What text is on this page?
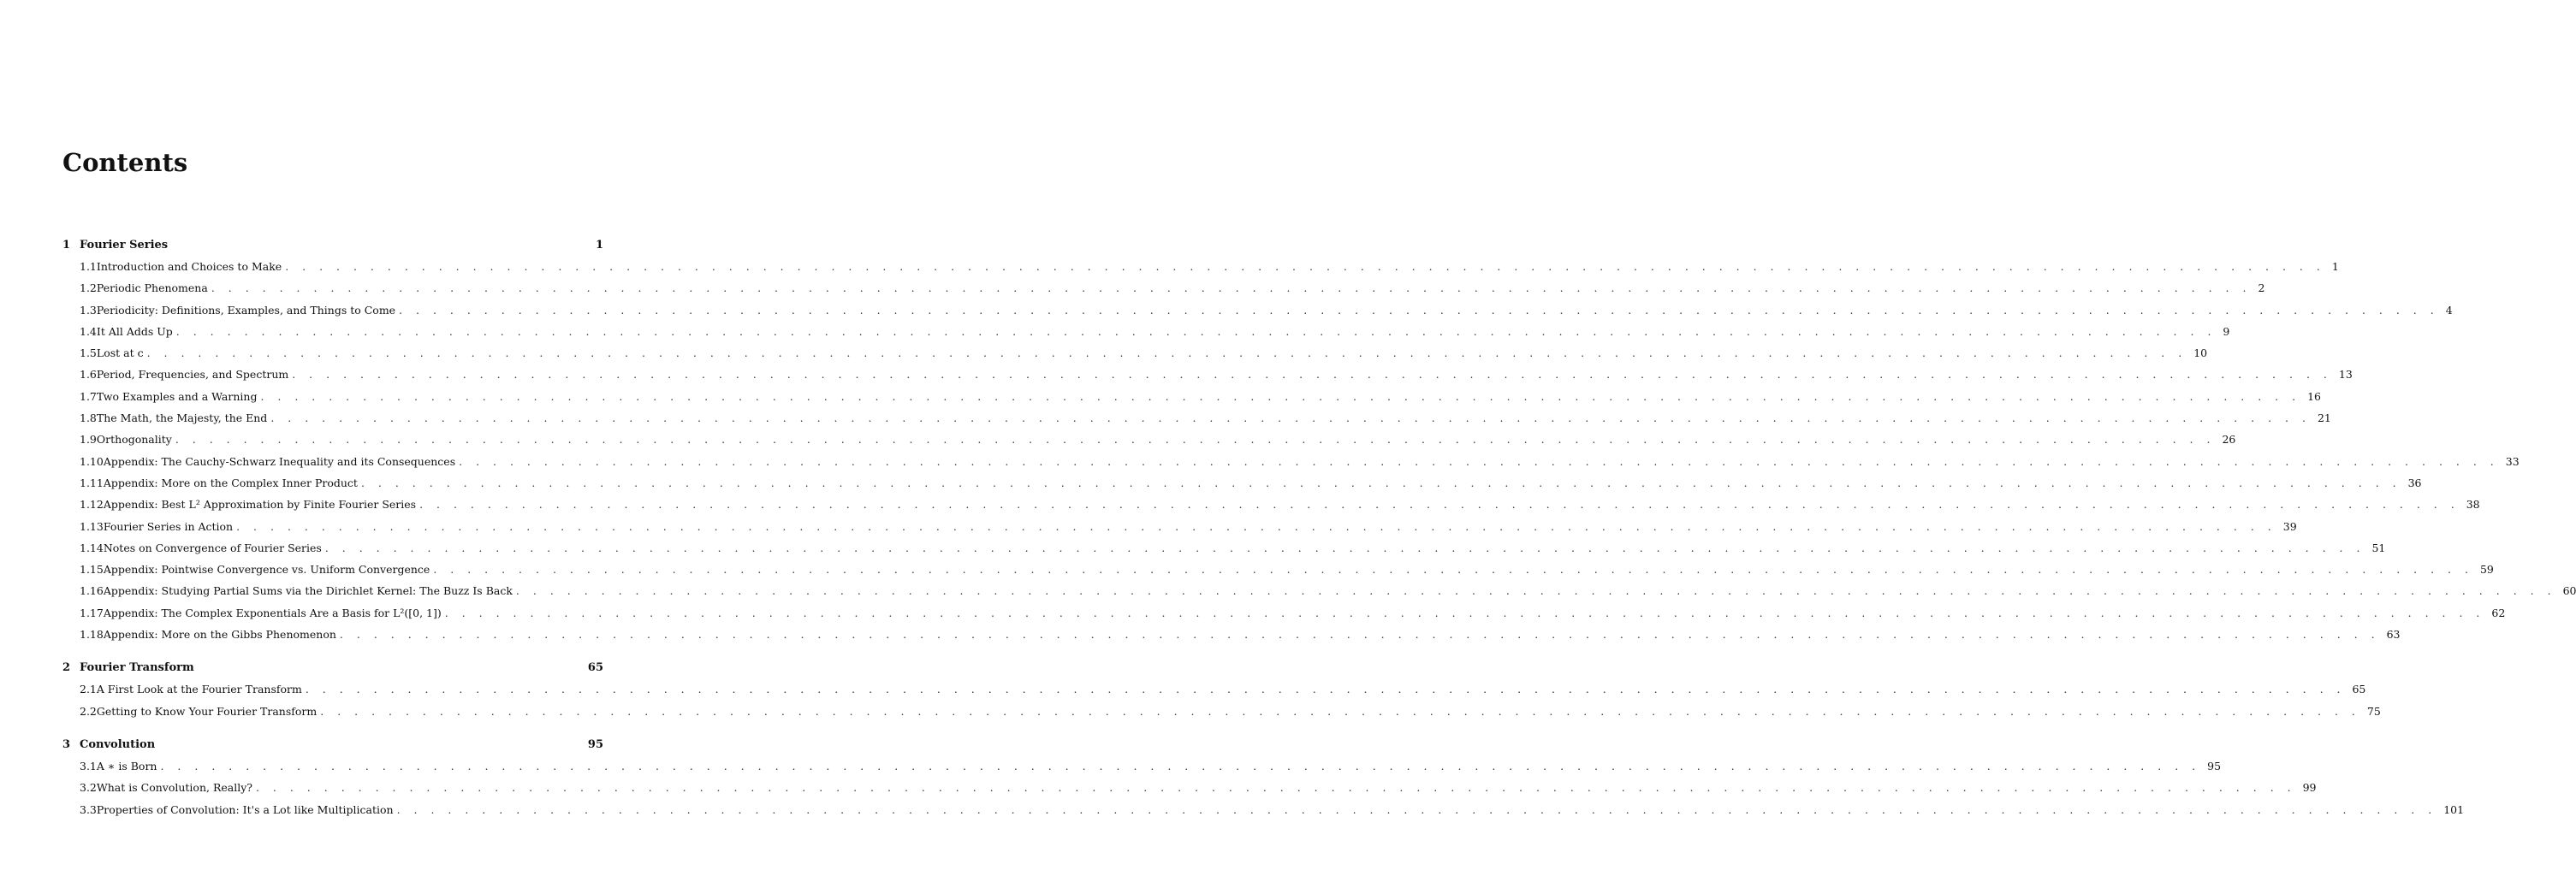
Contents
1 Fourier Series	1
1.1 Introduction and Choices to Make . . . . . . . . . . . . . . . . . . . . . . . . . . . . . . . . . . . . . . . . . . . . . . . . . . . . . . . . . . . . . . . . . . . . . . . . . . . . . . . . . . . . . . . . . . . . . . . . . . . . . . . . . . . . . . . . . . . . . . . . 1
1.2 Periodic Phenomena . . . . . . . . . . . . . . . . . . . . . . . . . . . . . . . . . . . . . . . . . . . . . . . . . . . . . . . . . . . . . . . . . . . . . . . . . . . . . . . . . . . . . . . . . . . . . . . . . . . . . . . . . . . . . . . . . . . . . . . . 2
1.3 Periodicity: Definitions, Examples, and Things to Come . . . . . . . . . . . . . . . . . . . . . . . . . . . . . . . . . . . . . . . . . . . . . . . . . . . . . . . . . . . . . . . . . . . . . . . . . . . . . . . . . . . . . . . . . . . . . . . . . . . . . . . . . . . . . . . . . . . . . . . . 4
1.4 It All Adds Up . . . . . . . . . . . . . . . . . . . . . . . . . . . . . . . . . . . . . . . . . . . . . . . . . . . . . . . . . . . . . . . . . . . . . . . . . . . . . . . . . . . . . . . . . . . . . . . . . . . . . . . . . . . . . . . . . . . . . . . . 9
1.5 Lost at c . . . . . . . . . . . . . . . . . . . . . . . . . . . . . . . . . . . . . . . . . . . . . . . . . . . . . . . . . . . . . . . . . . . . . . . . . . . . . . . . . . . . . . . . . . . . . . . . . . . . . . . . . . . . . . . . . . . . . . . . 10
1.6 Period, Frequencies, and Spectrum . . . . . . . . . . . . . . . . . . . . . . . . . . . . . . . . . . . . . . . . . . . . . . . . . . . . . . . . . . . . . . . . . . . . . . . . . . . . . . . . . . . . . . . . . . . . . . . . . . . . . . . . . . . . . . . . . . . . . . . . 13
1.7 Two Examples and a Warning . . . . . . . . . . . . . . . . . . . . . . . . . . . . . . . . . . . . . . . . . . . . . . . . . . . . . . . . . . . . . . . . . . . . . . . . . . . . . . . . . . . . . . . . . . . . . . . . . . . . . . . . . . . . . . . . . . . . . . . . 16
1.8 The Math, the Majesty, the End . . . . . . . . . . . . . . . . . . . . . . . . . . . . . . . . . . . . . . . . . . . . . . . . . . . . . . . . . . . . . . . . . . . . . . . . . . . . . . . . . . . . . . . . . . . . . . . . . . . . . . . . . . . . . . . . . . . . . . . . 21
1.9 Orthogonality . . . . . . . . . . . . . . . . . . . . . . . . . . . . . . . . . . . . . . . . . . . . . . . . . . . . . . . . . . . . . . . . . . . . . . . . . . . . . . . . . . . . . . . . . . . . . . . . . . . . . . . . . . . . . . . . . . . . . . . . 26
1.10 Appendix: The Cauchy-Schwarz Inequality and its Consequences . . . . . . . . . . . . . . . . . . . . . . . . . . . . . . . . . . . . . . . . . . . . . . . . . . . . . . . . . . . . . . . . . . . . . . . . . . . . . . . . . . . . . . . . . . . . . . . . . . . . . . . . . . . . . . . . . . . . . . . . 33
1.11 Appendix: More on the Complex Inner Product . . . . . . . . . . . . . . . . . . . . . . . . . . . . . . . . . . . . . . . . . . . . . . . . . . . . . . . . . . . . . . . . . . . . . . . . . . . . . . . . . . . . . . . . . . . . . . . . . . . . . . . . . . . . . . . . . . . . . . . . 36
1.12 Appendix: Best L² Approximation by Finite Fourier Series . . . . . . . . . . . . . . . . . . . . . . . . . . . . . . . . . . . . . . . . . . . . . . . . . . . . . . . . . . . . . . . . . . . . . . . . . . . . . . . . . . . . . . . . . . . . . . . . . . . . . . . . . . . . . . . . . . . . . . . . 38
1.13 Fourier Series in Action . . . . . . . . . . . . . . . . . . . . . . . . . . . . . . . . . . . . . . . . . . . . . . . . . . . . . . . . . . . . . . . . . . . . . . . . . . . . . . . . . . . . . . . . . . . . . . . . . . . . . . . . . . . . . . . . . . . . . . . . 39
1.14 Notes on Convergence of Fourier Series . . . . . . . . . . . . . . . . . . . . . . . . . . . . . . . . . . . . . . . . . . . . . . . . . . . . . . . . . . . . . . . . . . . . . . . . . . . . . . . . . . . . . . . . . . . . . . . . . . . . . . . . . . . . . . . . . . . . . . . . 51
1.15 Appendix: Pointwise Convergence vs. Uniform Convergence . . . . . . . . . . . . . . . . . . . . . . . . . . . . . . . . . . . . . . . . . . . . . . . . . . . . . . . . . . . . . . . . . . . . . . . . . . . . . . . . . . . . . . . . . . . . . . . . . . . . . . . . . . . . . . . . . . . . . . . . 59
1.16 Appendix: Studying Partial Sums via the Dirichlet Kernel: The Buzz Is Back . . . . . . . . . . . . . . . . . . . . . . . . . . . . . . . . . . . . . . . . . . . . . . . . . . . . . . . . . . . . . . . . . . . . . . . . . . . . . . . . . . . . . . . . . . . . . . . . . . . . . . . . . . . . . . . . . . . . . . . . 60
1.17 Appendix: The Complex Exponentials Are a Basis for L²([0, 1]) . . . . . . . . . . . . . . . . . . . . . . . . . . . . . . . . . . . . . . . . . . . . . . . . . . . . . . . . . . . . . . . . . . . . . . . . . . . . . . . . . . . . . . . . . . . . . . . . . . . . . . . . . . . . . . . . . . . . . . . . 62
1.18 Appendix: More on the Gibbs Phenomenon . . . . . . . . . . . . . . . . . . . . . . . . . . . . . . . . . . . . . . . . . . . . . . . . . . . . . . . . . . . . . . . . . . . . . . . . . . . . . . . . . . . . . . . . . . . . . . . . . . . . . . . . . . . . . . . . . . . . . . . . 63
2 Fourier Transform	65
2.1 A First Look at the Fourier Transform . . . . . . . . . . . . . . . . . . . . . . . . . . . . . . . . . . . . . . . . . . . . . . . . . . . . . . . . . . . . . . . . . . . . . . . . . . . . . . . . . . . . . . . . . . . . . . . . . . . . . . . . . . . . . . . . . . . . . . . . 65
2.2 Getting to Know Your Fourier Transform . . . . . . . . . . . . . . . . . . . . . . . . . . . . . . . . . . . . . . . . . . . . . . . . . . . . . . . . . . . . . . . . . . . . . . . . . . . . . . . . . . . . . . . . . . . . . . . . . . . . . . . . . . . . . . . . . . . . . . . . 75
3 Convolution	95
3.1 A ∗ is Born . . . . . . . . . . . . . . . . . . . . . . . . . . . . . . . . . . . . . . . . . . . . . . . . . . . . . . . . . . . . . . . . . . . . . . . . . . . . . . . . . . . . . . . . . . . . . . . . . . . . . . . . . . . . . . . . . . . . . . . . 95
3.2 What is Convolution, Really? . . . . . . . . . . . . . . . . . . . . . . . . . . . . . . . . . . . . . . . . . . . . . . . . . . . . . . . . . . . . . . . . . . . . . . . . . . . . . . . . . . . . . . . . . . . . . . . . . . . . . . . . . . . . . . . . . . . . . . . . 99
3.3 Properties of Convolution: It's a Lot like Multiplication . . . . . . . . . . . . . . . . . . . . . . . . . . . . . . . . . . . . . . . . . . . . . . . . . . . . . . . . . . . . . . . . . . . . . . . . . . . . . . . . . . . . . . . . . . . . . . . . . . . . . . . . . . . . . . . . . . . . . . . . 101
